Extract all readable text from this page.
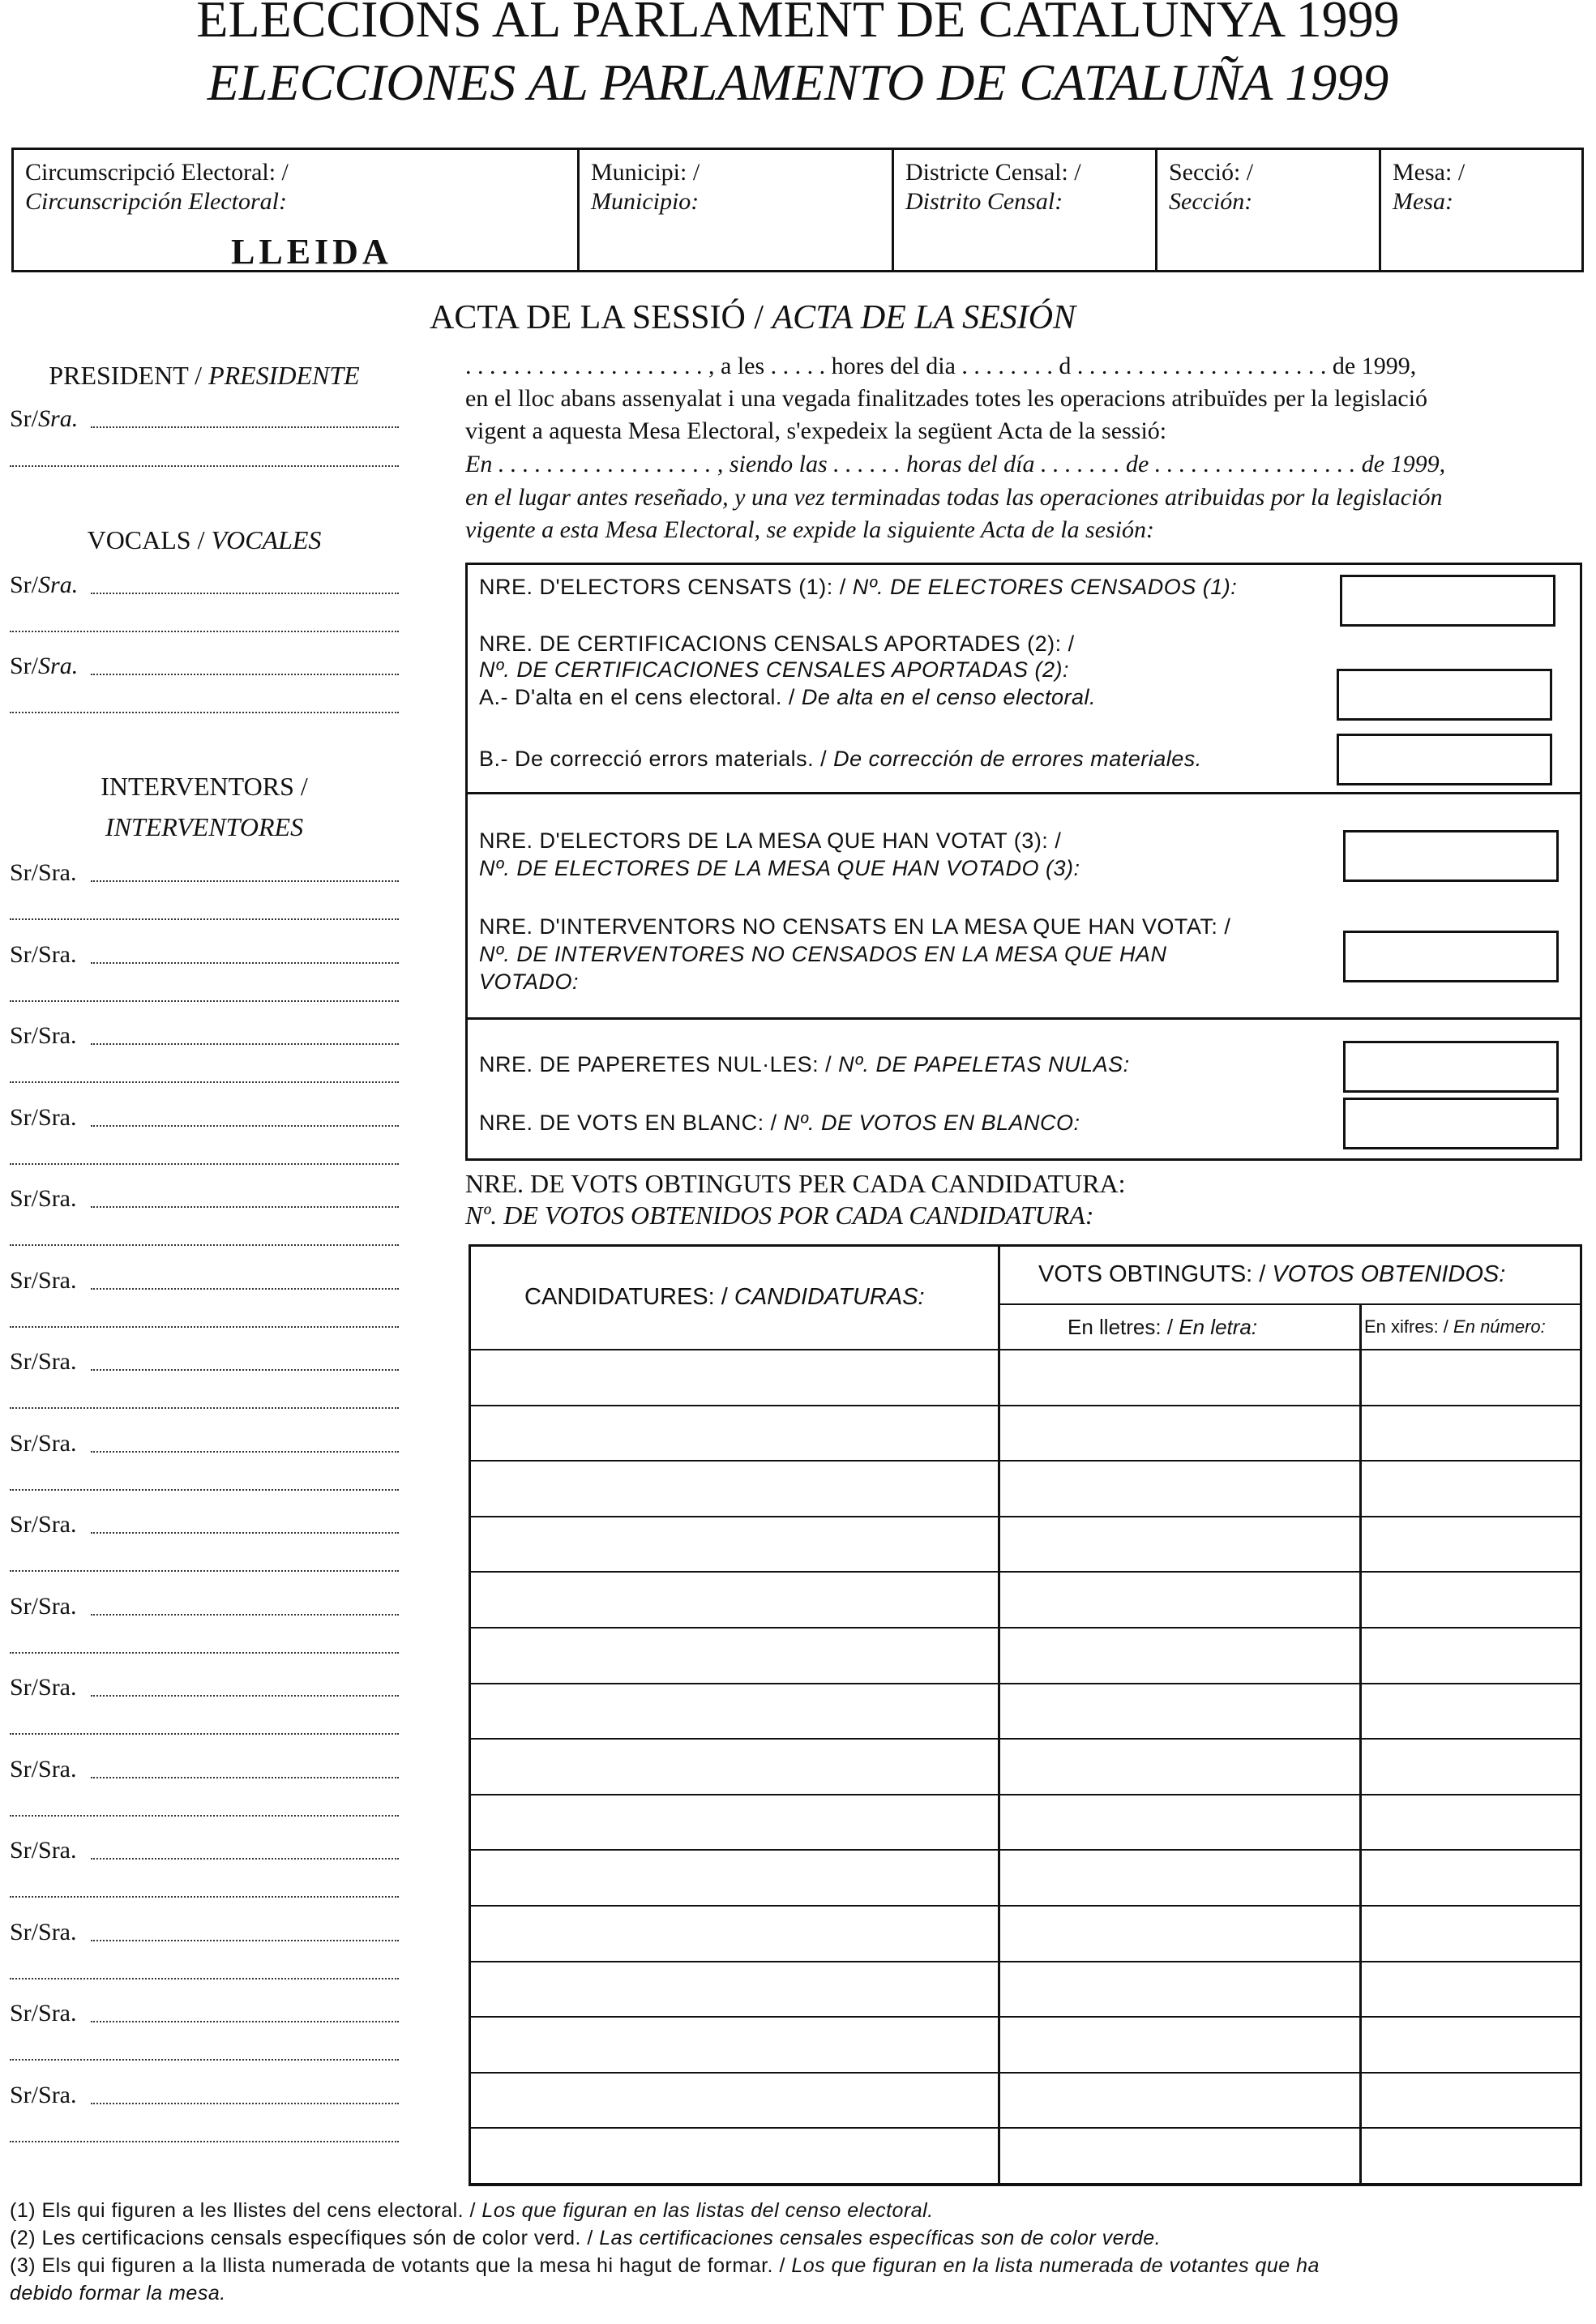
ELECCIONS AL PARLAMENT DE CATALUNYA 1999
ELECCIONES AL PARLAMENTO DE CATALUÑA 1999
Circumscripció Electoral: /
Circunscripción Electoral:
LLEIDA
Municipi: /
Municipio:
Districte Censal: /
Distrito Censal:
Secció: /
Sección:
Mesa: /
Mesa:
ACTA DE LA SESSIÓ / ACTA DE LA SESIÓN
PRESIDENT / PRESIDENTE
Sr/Sra.
VOCALS / VOCALES
Sr/Sra.
Sr/Sra.
INTERVENTORS /
INTERVENTORES
Sr/Sra.
Sr/Sra.
Sr/Sra.
Sr/Sra.
Sr/Sra.
Sr/Sra.
Sr/Sra.
Sr/Sra.
Sr/Sra.
Sr/Sra.
Sr/Sra.
Sr/Sra.
Sr/Sra.
Sr/Sra.
Sr/Sra.
Sr/Sra.
. . . . . . . . . . . . . . . . . . . . , a les . . . . . hores del dia . . . . . . . . d . . . . . . . . . . . . . . . . . . . . . de 1999,
en el lloc abans assenyalat i una vegada finalitzades totes les operacions atribuïdes per la legislació
vigent a aquesta Mesa Electoral, s'expedeix la següent Acta de la sessió:
En . . . . . . . . . . . . . . . . . . , siendo las . . . . . . horas del día . . . . . . . de . . . . . . . . . . . . . . . . . de 1999,
en el lugar antes reseñado, y una vez terminadas todas las operaciones atribuidas por la legislación
vigente a esta Mesa Electoral, se expide la siguiente Acta de la sesión:
NRE. D'ELECTORS CENSATS (1): / Nº. DE ELECTORES CENSADOS (1):
NRE. DE CERTIFICACIONS CENSALS APORTADES (2): /
Nº. DE CERTIFICACIONES CENSALES APORTADAS (2):
A.- D'alta en el cens electoral. / De alta en el censo electoral.
B.- De correcció errors materials. / De corrección de errores materiales.
NRE. D'ELECTORS DE LA MESA QUE HAN VOTAT (3): /
Nº. DE ELECTORES DE LA MESA QUE HAN VOTADO (3):
NRE. D'INTERVENTORS NO CENSATS EN LA MESA QUE HAN VOTAT: /
Nº. DE INTERVENTORES NO CENSADOS EN LA MESA QUE HAN
VOTADO:
NRE. DE PAPERETES NUL·LES: / Nº. DE PAPELETAS NULAS:
NRE. DE VOTS EN BLANC: / Nº. DE VOTOS EN BLANCO:
NRE. DE VOTS OBTINGUTS PER CADA CANDIDATURA:
Nº. DE VOTOS OBTENIDOS POR CADA CANDIDATURA:
CANDIDATURES: / CANDIDATURAS:
VOTS OBTINGUTS: / VOTOS OBTENIDOS:
En lletres: / En letra:	En xifres: / En número:
(1) Els qui figuren a les llistes del cens electoral. / Los que figuran en las listas del censo electoral.
(2) Les certificacions censals específiques són de color verd. / Las certificaciones censales específicas son de color verde.
(3) Els qui figuren a la llista numerada de votants que la mesa hi hagut de formar. / Los que figuran en la lista numerada de votantes que ha
debido formar la mesa.
